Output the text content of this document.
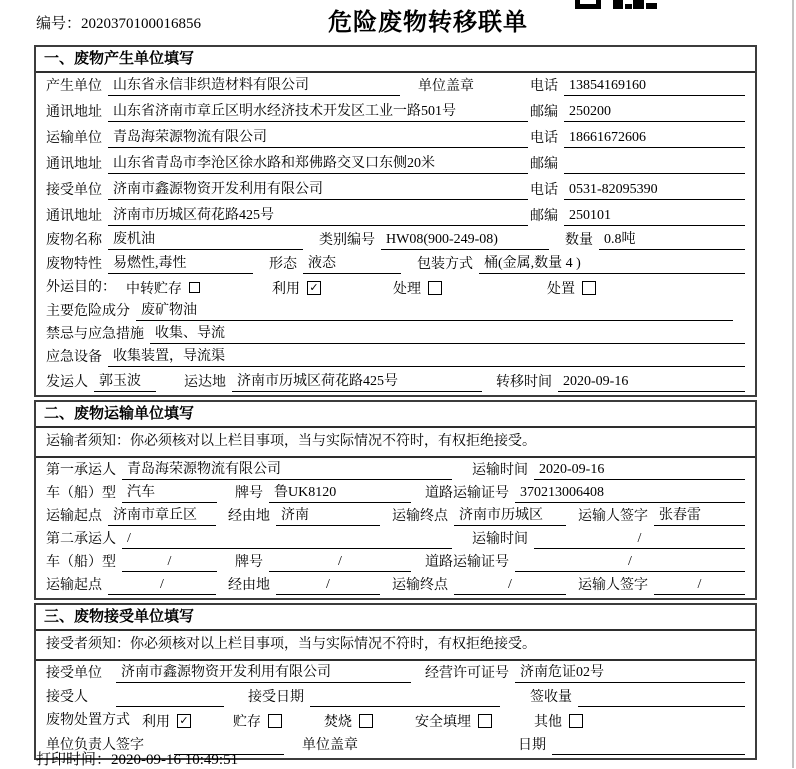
编号：2020370100016856	危险废物转移联单
一、废物产生单位填写
产生单位 山东省永信非织造材料有限公司	单位盖章	电话 13854169160
通讯地址 山东省济南市章丘区明水经济技术开发区工业一路501号	邮编 250200
运输单位 青岛海荣源物流有限公司	电话 18661672606
通讯地址 山东省青岛市李沧区徐水路和郑佛路交叉口东侧20米	邮编
接受单位 济南市鑫源物资开发利用有限公司	电话 0531-82095390
通讯地址 济南市历城区荷花路425号	邮编 250101
废物名称 废机油	类别编号 HW08(900-249-08)	数量 0.8吨
废物特性 易燃性,毒性	形态 液态	包装方式 桶(金属,数量 4 )
外运目的： 中转贮存	利用 ✓	处理	处置
主要危险成分 废矿物油
禁忌与应急措施 收集、导流
应急设备 收集装置，导流渠
发运人 郭玉波	运达地 济南市历城区荷花路425号	转移时间 2020-09-16
二、废物运输单位填写
运输者须知：你必须核对以上栏目事项，当与实际情况不符时，有权拒绝接受。
第一承运人 青岛海荣源物流有限公司	运输时间 2020-09-16
车（船）型 汽车	牌号 鲁UK8120	道路运输证号 370213006408
运输起点 济南市章丘区	经由地 济南	运输终点 济南市历城区	运输人签字 张春雷
第二承运人 /	运输时间	/
车（船）型	/	牌号	/	道路运输证号	/
运输起点	/	经由地	/	运输终点	/	运输人签字	/
三、废物接受单位填写
接受者须知：你必须核对以上栏目事项，当与实际情况不符时，有权拒绝接受。
接受单位	济南市鑫源物资开发利用有限公司	经营许可证号 济南危证02号
接受人	接受日期	签收量
废物处置方式 利用 ✓	贮存	焚烧	安全填埋	其他
单位负责人签字	单位盖章	日期
打印时间：2020-09-16 10:49:51
